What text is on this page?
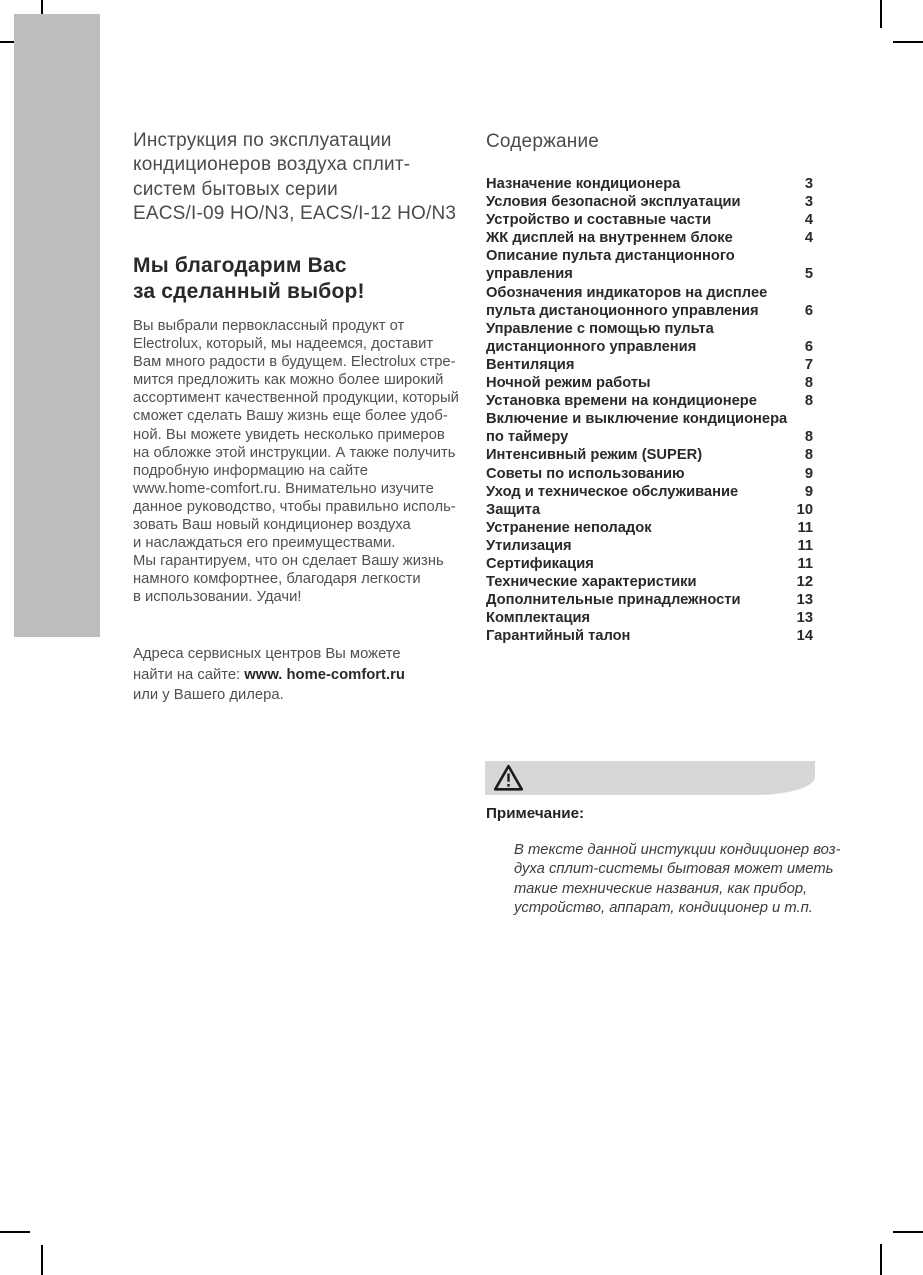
Инструкция по эксплуатации
кондиционеров воздуха сплит-
систем бытовых серии
EACS/I-09 HO/N3, EACS/I-12 HO/N3
Мы благодарим Вас
за сделанный выбор!
Вы выбрали первоклассный продукт от
Electrolux, который, мы надеемся, доставит
Вам много радости в будущем. Electrolux стре-
мится предложить как можно более широкий
ассортимент качественной продукции, который
сможет сделать Вашу жизнь еще более удоб-
ной. Вы можете увидеть несколько примеров
на обложке этой инструкции. А также получить
подробную информацию на сайте
www.home-comfort.ru. Внимательно изучите
данное руководство, чтобы правильно исполь-
зовать Ваш новый кондиционер воздуха
и наслаждаться его преимуществами.
Мы гарантируем, что он сделает Вашу жизнь
намного комфортнее, благодаря легкости
в использовании. Удачи!
Адреса сервисных центров Вы можете
найти на сайте: www. home-comfort.ru
или у Вашего дилера.
Содержание
Назначение кондиционера	3
Условия безопасной эксплуатации	3
Устройство и составные части	4
ЖК дисплей на внутреннем блоке	4
Описание пульта дистанционного
управления	5
Обозначения индикаторов на дисплее
пульта дистаноционного управления	6
Управление с помощью пульта
дистанционного управления	6
Вентиляция	7
Ночной режим работы	8
Установка времени на кондиционере	8
Включение и выключение кондиционера
по таймеру	8
Интенсивный режим (SUPER)	8
Советы по использованию	9
Уход и техническое обслуживание	9
Защита	10
Устранение неполадок	11
Утилизация	11
Сертификация	11
Технические характеристики	12
Дополнительные принадлежности	13
Комплектация	13
Гарантийный талон	14
Примечание:
В тексте данной инстукции кондиционер воз-
духа сплит-системы бытовая может иметь
такие технические названия, как прибор,
устройство, аппарат, кондиционер и т.п.
